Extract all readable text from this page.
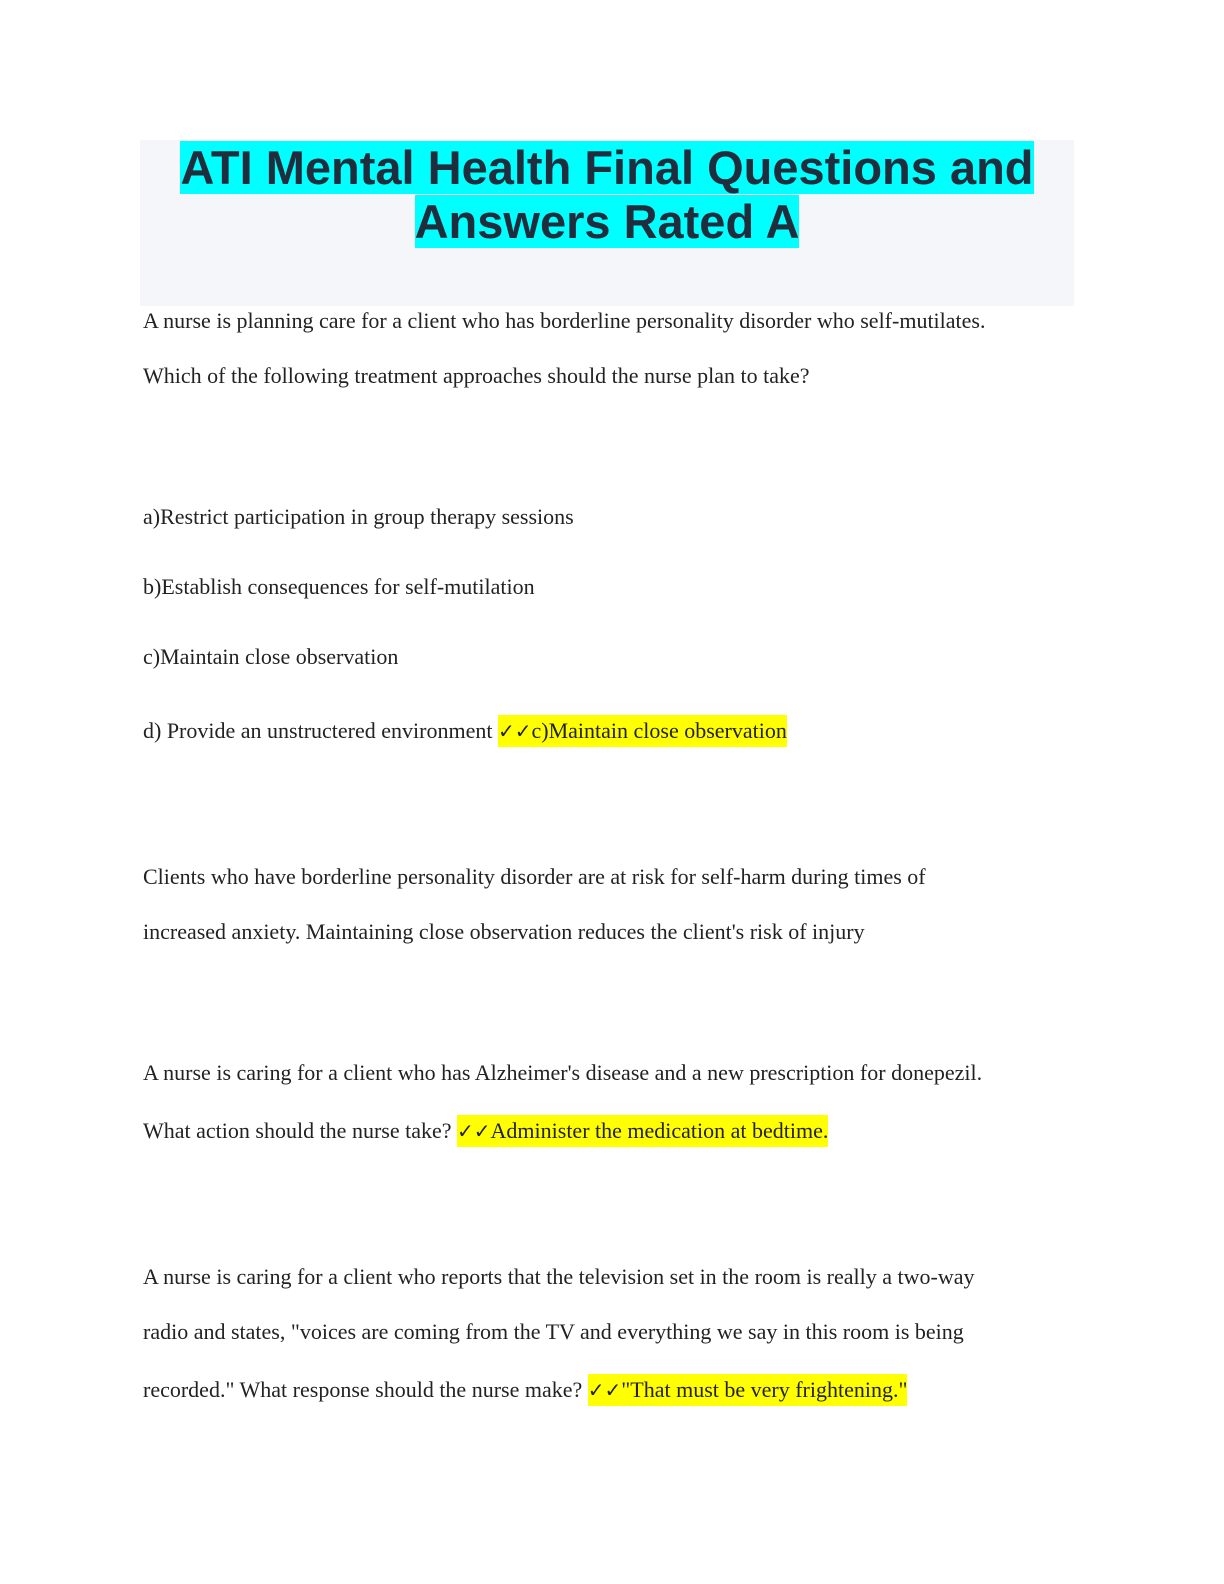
ATI Mental Health Final Questions and
Answers Rated A

A nurse is planning care for a client who has borderline personality disorder who self-mutilates.

Which of the following treatment approaches should the nurse plan to take?

a)Restrict participation in group therapy sessions

b)Establish consequences for self-mutilation

c)Maintain close observation

d) Provide an unstructered environment ✓✓c)Maintain close observation

Clients who have borderline personality disorder are at risk for self-harm during times of

increased anxiety. Maintaining close observation reduces the client's risk of injury

A nurse is caring for a client who has Alzheimer's disease and a new prescription for donepezil.

What action should the nurse take? ✓✓Administer the medication at bedtime.

A nurse is caring for a client who reports that the television set in the room is really a two-way

radio and states, "voices are coming from the TV and everything we say in this room is being

recorded." What response should the nurse make? ✓✓"That must be very frightening."
